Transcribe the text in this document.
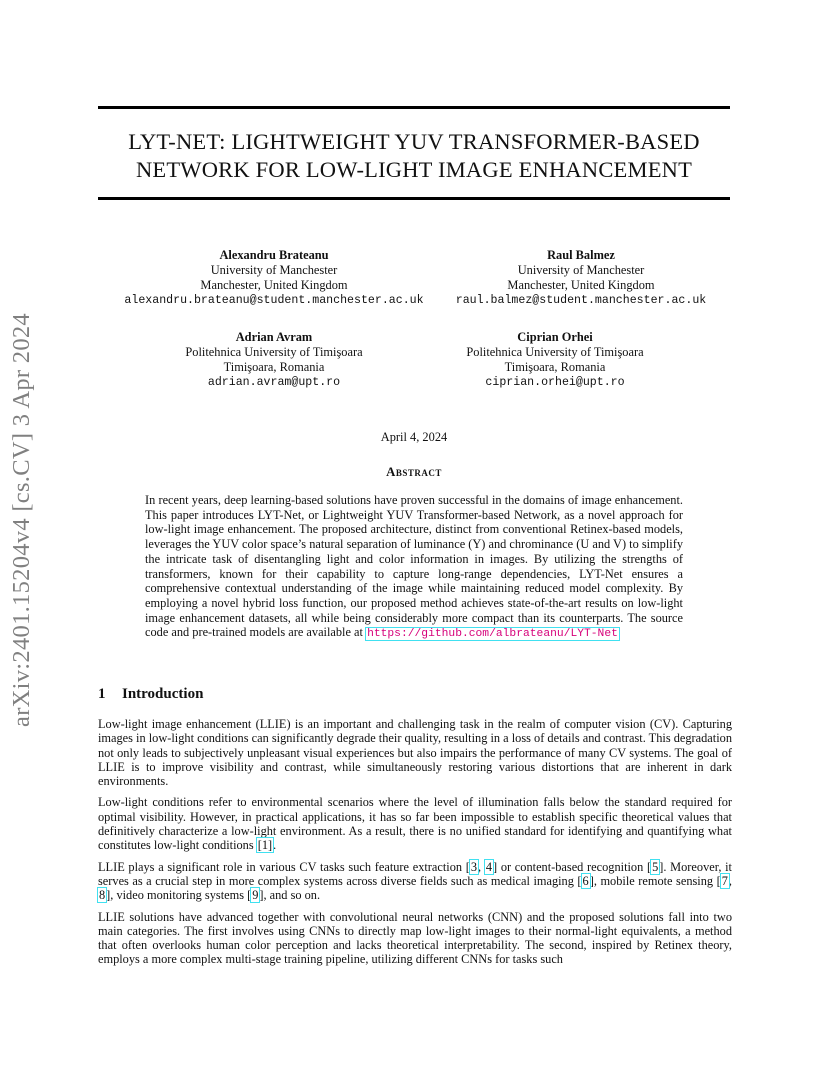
arXiv:2401.15204v4 [cs.CV] 3 Apr 2024
LYT-NET: LIGHTWEIGHT YUV TRANSFORMER-BASED
NETWORK FOR LOW-LIGHT IMAGE ENHANCEMENT
Alexandru Brateanu
University of Manchester
Manchester, United Kingdom
alexandru.brateanu@student.manchester.ac.uk
Raul Balmez
University of Manchester
Manchester, United Kingdom
raul.balmez@student.manchester.ac.uk
Adrian Avram
Politehnica University of Timişoara
Timişoara, Romania
adrian.avram@upt.ro
Ciprian Orhei
Politehnica University of Timişoara
Timişoara, Romania
ciprian.orhei@upt.ro
April 4, 2024
Abstract
In recent years, deep learning-based solutions have proven successful in the domains of image enhancement. This paper introduces LYT-Net, or Lightweight YUV Transformer-based Network, as a novel approach for low-light image enhancement. The proposed architecture, distinct from conventional Retinex-based models, leverages the YUV color space’s natural separation of luminance (Y) and chrominance (U and V) to simplify the intricate task of disentangling light and color information in images. By utilizing the strengths of transformers, known for their capability to capture long-range dependencies, LYT-Net ensures a comprehensive contextual understanding of the image while maintaining reduced model complexity. By employing a novel hybrid loss function, our proposed method achieves state-of-the-art results on low-light image enhancement datasets, all while being considerably more compact than its counterparts. The source code and pre-trained models are available at https://github.com/albrateanu/LYT-Net
1 Introduction

Low-light image enhancement (LLIE) is an important and challenging task in the realm of computer vision (CV). Capturing images in low-light conditions can significantly degrade their quality, resulting in a loss of details and contrast. This degradation not only leads to subjectively unpleasant visual experiences but also impairs the performance of many CV systems. The goal of LLIE is to improve visibility and contrast, while simultaneously restoring various distortions that are inherent in dark environments.

Low-light conditions refer to environmental scenarios where the level of illumination falls below the standard required for optimal visibility. However, in practical applications, it has so far been impossible to establish specific theoretical values that definitively characterize a low-light environment. As a result, there is no unified standard for identifying and quantifying what constitutes low-light conditions [1].

LLIE plays a significant role in various CV tasks such feature extraction [3, 4] or content-based recognition [5]. Moreover, it serves as a crucial step in more complex systems across diverse fields such as medical imaging [6], mobile remote sensing [7, 8], video monitoring systems [9], and so on.

LLIE solutions have advanced together with convolutional neural networks (CNN) and the proposed solutions fall into two main categories. The first involves using CNNs to directly map low-light images to their normal-light equivalents, a method that often overlooks human color perception and lacks theoretical interpretability. The second, inspired by Retinex theory, employs a more complex multi-stage training pipeline, utilizing different CNNs for tasks such
